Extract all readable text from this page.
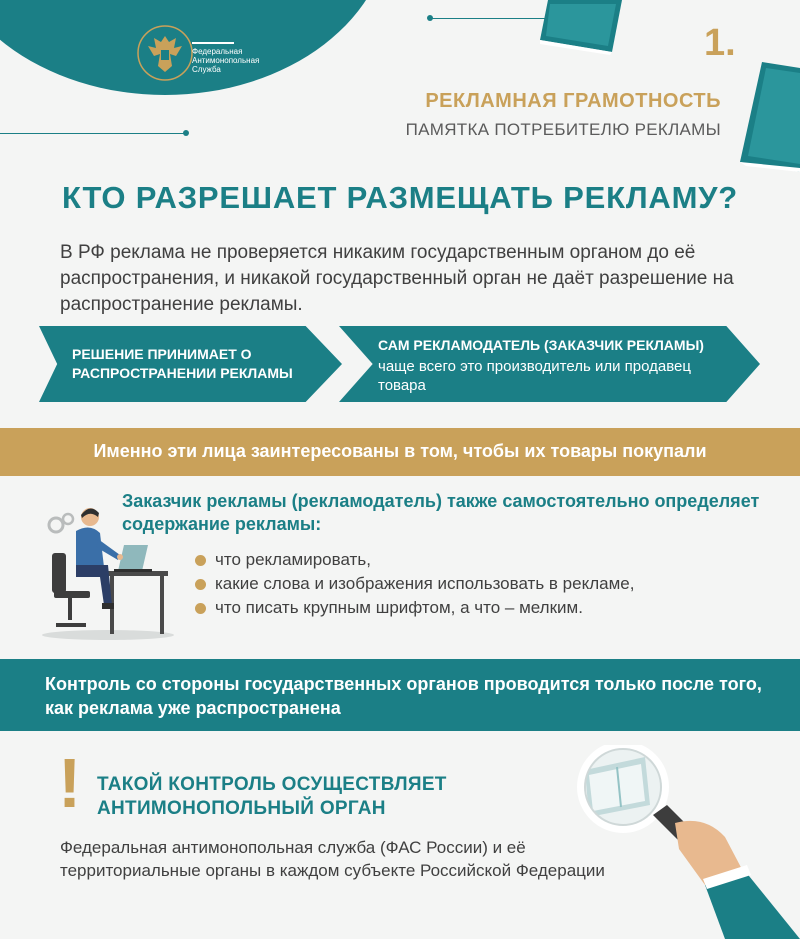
Федеральная
Антимонопольная
Служба
1.
РЕКЛАМНАЯ ГРАМОТНОСТЬ
ПАМЯТКА ПОТРЕБИТЕЛЮ РЕКЛАМЫ
КТО РАЗРЕШАЕТ РАЗМЕЩАТЬ РЕКЛАМУ?
В РФ реклама не проверяется никаким государственным органом до её распространения, и никакой государственный орган не даёт разрешение на распространение рекламы.
РЕШЕНИЕ ПРИНИМАЕТ О РАСПРОСТРАНЕНИИ РЕКЛАМЫ
САМ РЕКЛАМОДАТЕЛЬ (ЗАКАЗЧИК РЕКЛАМЫ)
чаще всего это производитель или продавец товара
Именно эти лица заинтересованы в том, чтобы их товары покупали
Заказчик рекламы (рекламодатель) также самостоятельно определяет содержание рекламы:
что рекламировать,
какие слова и изображения использовать в рекламе,
что писать крупным шрифтом, а что – мелким.
Контроль со стороны государственных органов проводится только после того, как реклама уже распространена
! ТАКОЙ КОНТРОЛЬ ОСУЩЕСТВЛЯЕТ
АНТИМОНОПОЛЬНЫЙ ОРГАН
Федеральная антимонопольная служба (ФАС России) и её территориальные органы в каждом субъекте Российской Федерации
